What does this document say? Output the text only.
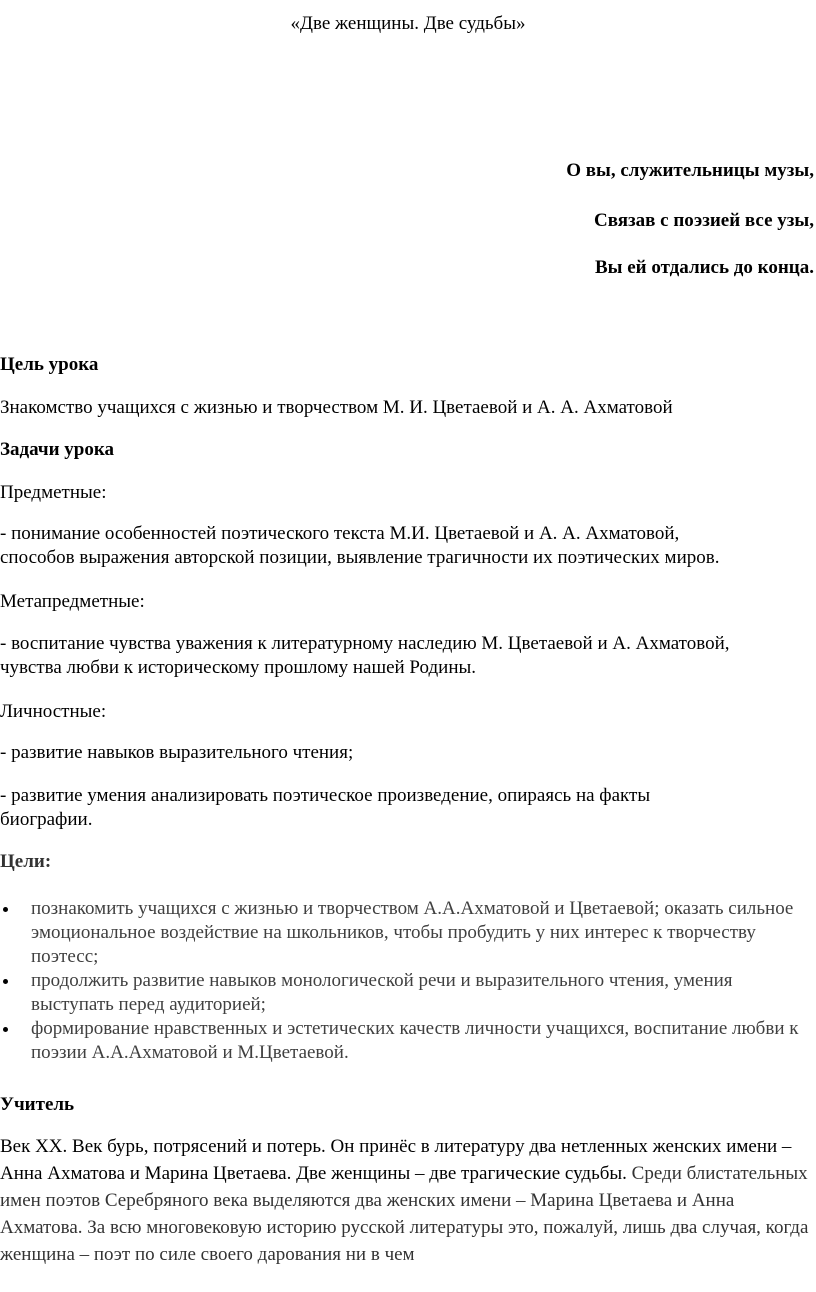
«Две женщины. Две судьбы»
О вы, служительницы музы,
Связав с поэзией все узы,
Вы ей отдались до конца.

Цель урока

Знакомство учащихся с жизнью и творчеством М. И. Цветаевой и А. А. Ахматовой

Задачи урока

Предметные:

- понимание особенностей поэтического текста М.И. Цветаевой и А. А. Ахматовой,

способов выражения авторской позиции, выявление трагичности их поэтических миров.

Метапредметные:

- воспитание чувства уважения к литературному наследию М. Цветаевой и А. Ахматовой,

чувства любви к историческому прошлому нашей Родины.

Личностные:

- развитие навыков выразительного чтения;

- развитие умения анализировать поэтическое произведение, опираясь на факты

биографии.

Цели:

познакомить учащихся с жизнью и творчеством А.А.Ахматовой и Цветаевой; оказать сильное эмоциональное воздействие на школьников, чтобы пробудить у них интерес к творчеству поэтесс;
продолжить развитие навыков монологической речи и выразительного чтения, умения выступать перед аудиторией;
формирование нравственных и эстетических качеств личности учащихся, воспитание любви к поэзии А.А.Ахматовой и М.Цветаевой.

Учитель

Век XX. Век бурь, потрясений и потерь. Он принёс в литературу два нетленных женских имени – Анна Ахматова и Марина Цветаева. Две женщины – две трагические судьбы. Среди блистательных имен поэтов Серебряного века выделяются два женских имени – Марина Цветаева и Анна Ахматова. За всю многовековую историю русской литературы это, пожалуй, лишь два случая, когда женщина – поэт по силе своего дарования ни в чем
